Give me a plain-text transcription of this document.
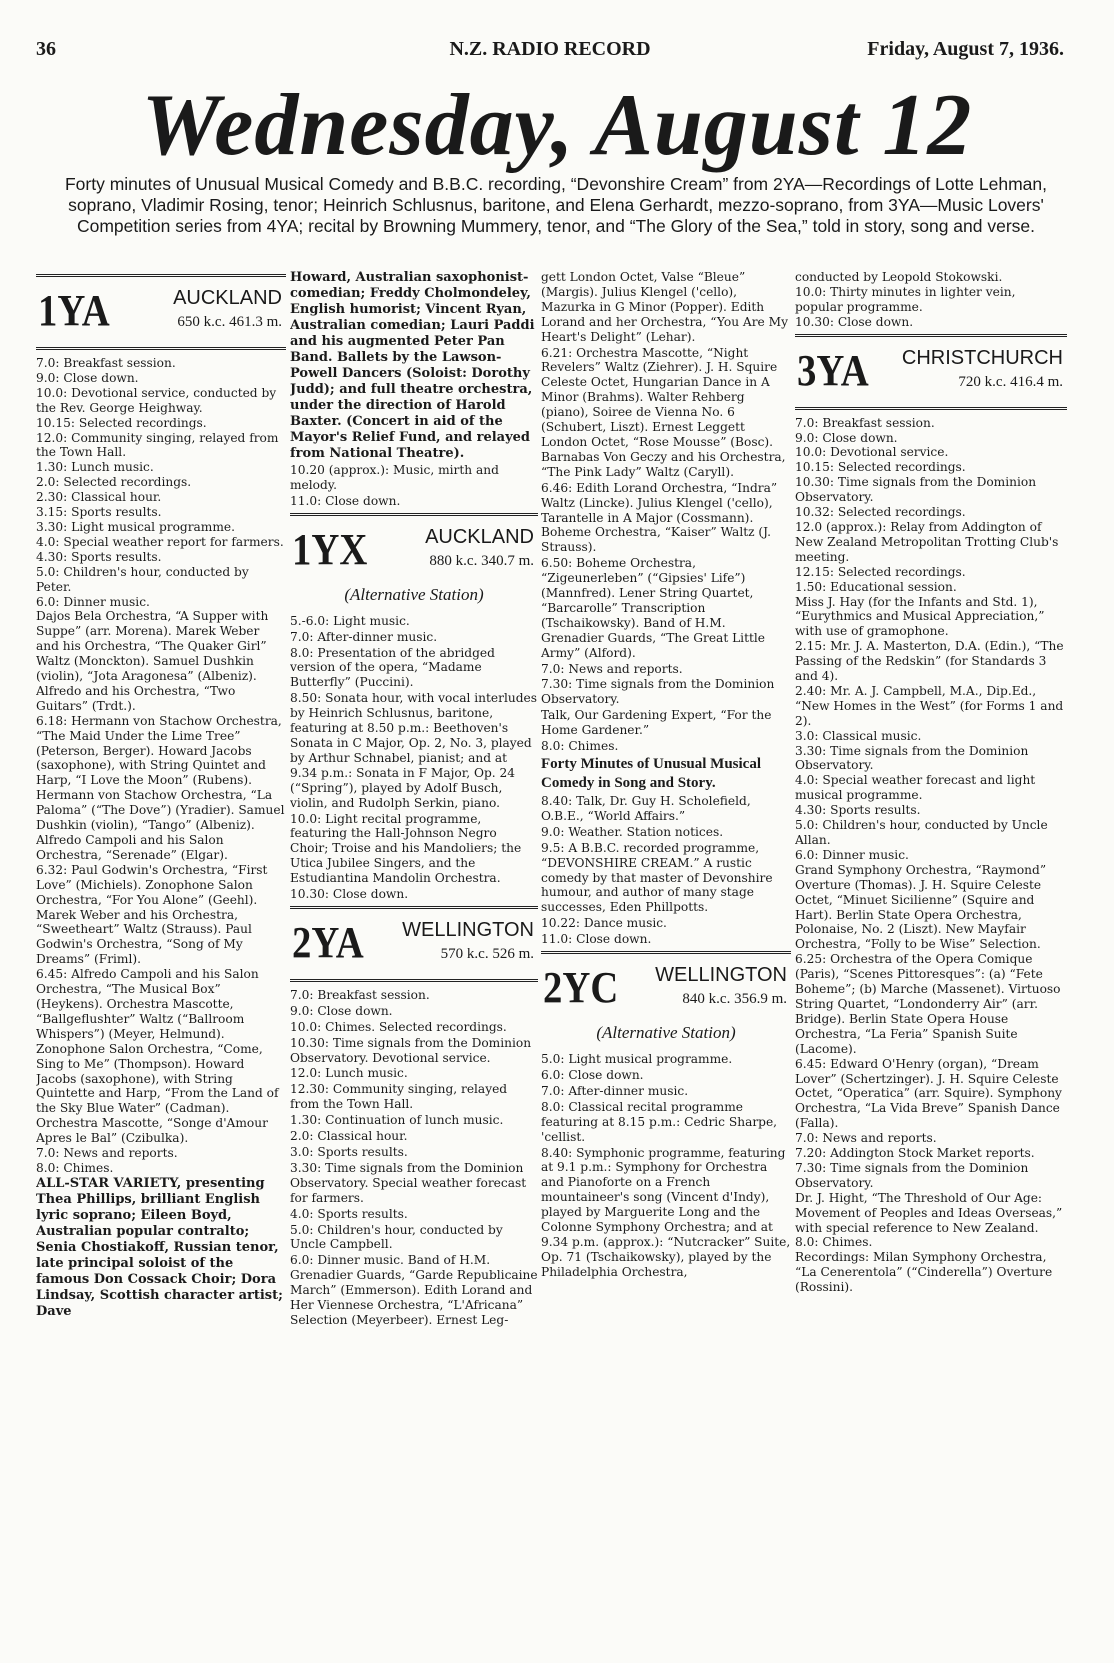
36	N.Z. RADIO RECORD	Friday, August 7, 1936.
Wednesday, August 12
Forty minutes of Unusual Musical Comedy and B.B.C. recording, “Devonshire Cream” from 2YA—Recordings of Lotte Lehman, soprano, Vladimir Rosing, tenor; Heinrich Schlusnus, baritone, and Elena Gerhardt, mezzo-soprano, from 3YA—Music Lovers' Competition series from 4YA; recital by Browning Mummery, tenor, and “The Glory of the Sea,” told in story, song and verse.
1YA	AUCKLAND
650 k.c. 461.3 m.

7.0: Breakfast session.

9.0: Close down.

10.0: Devotional service, conducted by the Rev. George Heighway.

10.15: Selected recordings.

12.0: Community singing, relayed from the Town Hall.

1.30: Lunch music.

2.0: Selected recordings.

2.30: Classical hour.

3.15: Sports results.

3.30: Light musical programme.

4.0: Special weather report for farmers.

4.30: Sports results.

5.0: Children's hour, conducted by Peter.

6.0: Dinner music.

Dajos Bela Orchestra, “A Supper with Suppe” (arr. Morena). Marek Weber and his Orchestra, “The Quaker Girl” Waltz (Monckton). Samuel Dushkin (violin), “Jota Aragonesa” (Albeniz). Alfredo and his Orchestra, “Two Guitars” (Trdt.).

6.18: Hermann von Stachow Orchestra, “The Maid Under the Lime Tree” (Peterson, Berger). Howard Jacobs (saxophone), with String Quintet and Harp, “I Love the Moon” (Rubens). Hermann von Stachow Orchestra, “La Paloma” (“The Dove”) (Yradier). Samuel Dushkin (violin), “Tango” (Albeniz). Alfredo Campoli and his Salon Orchestra, “Serenade” (Elgar).

6.32: Paul Godwin's Orchestra, “First Love” (Michiels). Zonophone Salon Orchestra, “For You Alone” (Geehl). Marek Weber and his Orchestra, “Sweetheart” Waltz (Strauss). Paul Godwin's Orchestra, “Song of My Dreams” (Friml).

6.45: Alfredo Campoli and his Salon Orchestra, “The Musical Box” (Heykens). Orchestra Mascotte, “Ballgeflushter” Waltz (“Ballroom Whispers”) (Meyer, Helmund). Zonophone Salon Orchestra, “Come, Sing to Me” (Thompson). Howard Jacobs (saxophone), with String Quintette and Harp, “From the Land of the Sky Blue Water” (Cadman). Orchestra Mascotte, “Songe d'Amour Apres le Bal” (Czibulka).

7.0: News and reports.

8.0: Chimes.

ALL-STAR VARIETY, presenting Thea Phillips, brilliant English lyric soprano; Eileen Boyd, Australian popular contralto; Senia Chostiakoff, Russian tenor, late principal soloist of the famous Don Cossack Choir; Dora Lindsay, Scottish character artist; Dave

Howard, Australian saxophonist-comedian; Freddy Cholmondeley, English humorist; Vincent Ryan, Australian comedian; Lauri Paddi and his augmented Peter Pan Band. Ballets by the Lawson-Powell Dancers (Soloist: Dorothy Judd); and full theatre orchestra, under the direction of Harold Baxter. (Concert in aid of the Mayor's Relief Fund, and relayed from National Theatre).

10.20 (approx.): Music, mirth and melody.

11.0: Close down.

1YX	AUCKLAND
880 k.c. 340.7 m.
(Alternative Station)

5.-6.0: Light music.

7.0: After-dinner music.

8.0: Presentation of the abridged version of the opera, “Madame Butterfly” (Puccini).

8.50: Sonata hour, with vocal interludes by Heinrich Schlusnus, baritone, featuring at 8.50 p.m.: Beethoven's Sonata in C Major, Op. 2, No. 3, played by Arthur Schnabel, pianist; and at 9.34 p.m.: Sonata in F Major, Op. 24 (“Spring”), played by Adolf Busch, violin, and Rudolph Serkin, piano.

10.0: Light recital programme, featuring the Hall-Johnson Negro Choir; Troise and his Mandoliers; the Utica Jubilee Singers, and the Estudiantina Mandolin Orchestra.

10.30: Close down.

2YA WELLINGTON
570 k.c. 526 m.

7.0: Breakfast session.

9.0: Close down.

10.0: Chimes. Selected recordings.

10.30: Time signals from the Dominion Observatory. Devotional service.

12.0: Lunch music.

12.30: Community singing, relayed from the Town Hall.

1.30: Continuation of lunch music.

2.0: Classical hour.

3.0: Sports results.

3.30: Time signals from the Dominion Observatory. Special weather forecast for farmers.

4.0: Sports results.

5.0: Children's hour, conducted by Uncle Campbell.

6.0: Dinner music. Band of H.M. Grenadier Guards, “Garde Republicaine March” (Emmerson). Edith Lorand and Her Viennese Orchestra, “L'Africana” Selection (Meyerbeer). Ernest Leg-

gett London Octet, Valse “Bleue” (Margis). Julius Klengel ('cello), Mazurka in G Minor (Popper). Edith Lorand and her Orchestra, “You Are My Heart's Delight” (Lehar).

6.21: Orchestra Mascotte, “Night Revelers” Waltz (Ziehrer). J. H. Squire Celeste Octet, Hungarian Dance in A Minor (Brahms). Walter Rehberg (piano), Soiree de Vienna No. 6 (Schubert, Liszt). Ernest Leggett London Octet, “Rose Mousse” (Bosc). Barnabas Von Geczy and his Orchestra, “The Pink Lady” Waltz (Caryll).

6.46: Edith Lorand Orchestra, “Indra” Waltz (Lincke). Julius Klengel ('cello), Tarantelle in A Major (Cossmann). Boheme Orchestra, “Kaiser” Waltz (J. Strauss).

6.50: Boheme Orchestra, “Zigeunerleben” (“Gipsies' Life”) (Mannfred). Lener String Quartet, “Barcarolle” Transcription (Tschaikowsky). Band of H.M. Grenadier Guards, “The Great Little Army” (Alford).

7.0: News and reports.

7.30: Time signals from the Dominion Observatory.

Talk, Our Gardening Expert, “For the Home Gardener.”

8.0: Chimes.

Forty Minutes of Unusual Musical Comedy in Song and Story.

8.40: Talk, Dr. Guy H. Scholefield, O.B.E., “World Affairs.”

9.0: Weather. Station notices.

9.5: A B.B.C. recorded programme, “DEVONSHIRE CREAM.” A rustic comedy by that master of Devonshire humour, and author of many stage successes, Eden Phillpotts.

10.22: Dance music.

11.0: Close down.

2YC WELLINGTON
840 k.c. 356.9 m.
(Alternative Station)

5.0: Light musical programme.

6.0: Close down.

7.0: After-dinner music.

8.0: Classical recital programme featuring at 8.15 p.m.: Cedric Sharpe, 'cellist.

8.40: Symphonic programme, featuring at 9.1 p.m.: Symphony for Orchestra and Pianoforte on a French mountaineer's song (Vincent d'Indy), played by Marguerite Long and the Colonne Symphony Orchestra; and at 9.34 p.m. (approx.): “Nutcracker” Suite, Op. 71 (Tschaikowsky), played by the Philadelphia Orchestra,

conducted by Leopold Stokowski.

10.0: Thirty minutes in lighter vein, popular programme.

10.30: Close down.

3YA CHRISTCHURCH
720 k.c. 416.4 m.

7.0: Breakfast session.

9.0: Close down.

10.0: Devotional service.

10.15: Selected recordings.

10.30: Time signals from the Dominion Observatory.

10.32: Selected recordings.

12.0 (approx.): Relay from Addington of New Zealand Metropolitan Trotting Club's meeting.

12.15: Selected recordings.

1.50: Educational session.

Miss J. Hay (for the Infants and Std. 1), “Eurythmics and Musical Appreciation,” with use of gramophone.

2.15: Mr. J. A. Masterton, D.A. (Edin.), “The Passing of the Redskin” (for Standards 3 and 4).

2.40: Mr. A. J. Campbell, M.A., Dip.Ed., “New Homes in the West” (for Forms 1 and 2).

3.0: Classical music.

3.30: Time signals from the Dominion Observatory.

4.0: Special weather forecast and light musical programme.

4.30: Sports results.

5.0: Children's hour, conducted by Uncle Allan.

6.0: Dinner music.

Grand Symphony Orchestra, “Raymond” Overture (Thomas). J. H. Squire Celeste Octet, “Minuet Sicilienne” (Squire and Hart). Berlin State Opera Orchestra, Polonaise, No. 2 (Liszt). New Mayfair Orchestra, “Folly to be Wise” Selection.

6.25: Orchestra of the Opera Comique (Paris), “Scenes Pittoresques”: (a) “Fete Boheme”; (b) Marche (Massenet). Virtuoso String Quartet, “Londonderry Air” (arr. Bridge). Berlin State Opera House Orchestra, “La Feria” Spanish Suite (Lacome).

6.45: Edward O'Henry (organ), “Dream Lover” (Schertzinger). J. H. Squire Celeste Octet, “Operatica” (arr. Squire). Symphony Orchestra, “La Vida Breve” Spanish Dance (Falla).

7.0: News and reports.

7.20: Addington Stock Market reports.

7.30: Time signals from the Dominion Observatory.

Dr. J. Hight, “The Threshold of Our Age: Movement of Peoples and Ideas Overseas,” with special reference to New Zealand.

8.0: Chimes.

Recordings: Milan Symphony Orchestra, “La Cenerentola” (“Cinderella”) Overture (Rossini).
